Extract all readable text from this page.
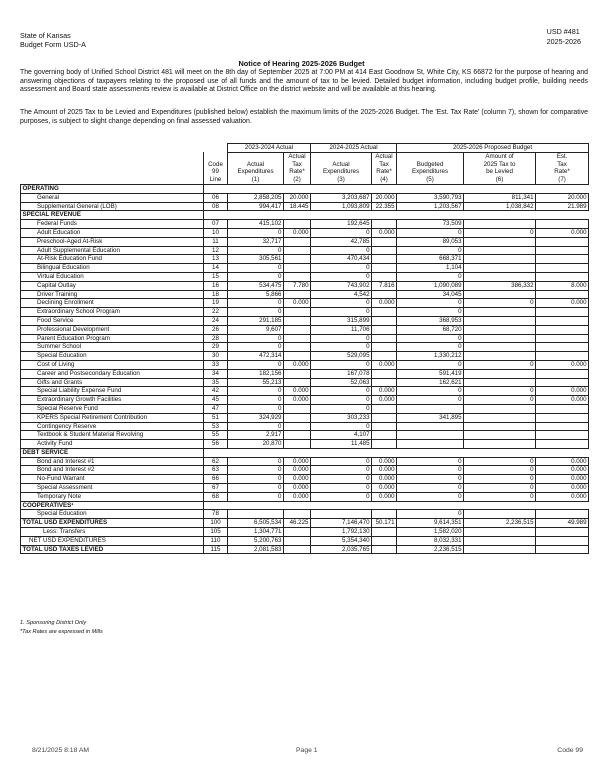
State of Kansas
Budget Form USD-A
USD #481
2025-2026
Notice of Hearing 2025-2026 Budget
The governing body of Unified School District 481 will meet on the 8th day of September 2025 at 7:00 PM at 414 East Goodnow St, White City, KS 66872 for the purpose of hearing and answering objections of taxpayers relating to the proposed use of all funds and the amount of tax to be levied. Detailed budget information, including budget profile, building needs assessment and Board state assessments review is available at District Office on the district website and will be available at this hearing.
The Amount of 2025 Tax to be Levied and Expenditures (published below) establish the maximum limits of the 2025-2026 Budget. The 'Est. Tax Rate' (column 7), shown for comparative purposes, is subject to slight change depending on final assessed valuation.
		2023-2024 Actual		2024-2025 Actual		2025-2026 Proposed Budget		
			Actual		Actual		Amount of	Est.
	Code	Actual	Tax	Actual	Tax	Budgeted	2025 Tax to	Tax
	99	Expenditures	Rate*	Expenditures	Rate*	Expenditures	be Levied	Rate*
	Line	(1)	(2)	(3)	(4)	(5)	(6)	(7)
OPERATING								
General	06	2,858,205	20.000	3,203,687	20.000	3,590,793	811,341	20.000
Supplemental General (LOB)	08	994,417	18.445	1,093,809	22.355	1,203,567	1,038,842	21.989
SPECIAL REVENUE								
Federal Funds	07	415,102		192,645		73,509		
Adult Education	10	0	0.000	0	0.000	0	0	0.000
Preschool-Aged At-Risk	11	32,717		42,785		89,053		
Adult Supplemental Education	12	0		0		0		
At-Risk Education Fund	13	305,561		470,434		668,371		
Bilingual Education	14	0		0		1,104		
Virtual Education	15	0		0		0		
Capital Outlay	16	534,475	7.780	743,902	7.816	1,090,089	386,332	8.000
Driver Training	18	5,866		4,542		34,045		
Declining Enrollment	19	0	0.000	0	0.000	0	0	0.000
Extraordinary School Program	22	0		0		0		
Food Service	24	291,185		315,899		368,953		
Professional Development	26	9,607		11,706		68,720		
Parent Education Program	28	0		0		0		
Summer School	29	0		0		0		
Special Education	30	472,314		529,095		1,330,212		
Cost of Living	33	0	0.000	0	0.000	0	0	0.000
Career and Postsecondary Education	34	182,156		167,078		591,419		
Gifts and Grants	35	55,213		52,063		162,621		
Special Liability Expense Fund	42	0	0.000	0	0.000	0	0	0.000
Extraordinary Growth Facilities	45	0	0.000	0	0.000	0	0	0.000
Special Reserve Fund	47	0		0				
KPERS Special Retirement Contribution	51	324,929		303,233		341,895		
Contingency Reserve	53	0		0				
Textbook & Student Material Revolving	55	2,917		4,107				
Activity Fund	56	20,870		11,485				
DEBT SERVICE								
Bond and Interest #1	62	0	0.000	0	0.000	0	0	0.000
Bond and Interest #2	63	0	0.000	0	0.000	0	0	0.000
No-Fund Warrant	66	0	0.000	0	0.000	0	0	0.000
Special Assessment	67	0	0.000	0	0.000	0	0	0.000
Temporary Note	68	0	0.000	0	0.000	0	0	0.000
COOPERATIVES¹								
Special Education	78					0		
TOTAL USD EXPENDITURES	100	6,505,534	46.225	7,146,470	50.171	9,614,351	2,236,515	49.989
Less: Transfers	105	1,304,771		1,792,130		1,582,020		
NET USD EXPENDITURES	110	5,200,763		5,354,340		8,032,331		
TOTAL USD TAXES LEVIED	115	2,081,583		2,035,765		2,236,515		
1. Sponsoring District Only
*Tax Rates are expressed in Mills
8/21/2025 8:18 AM	Page 1	Code 99
